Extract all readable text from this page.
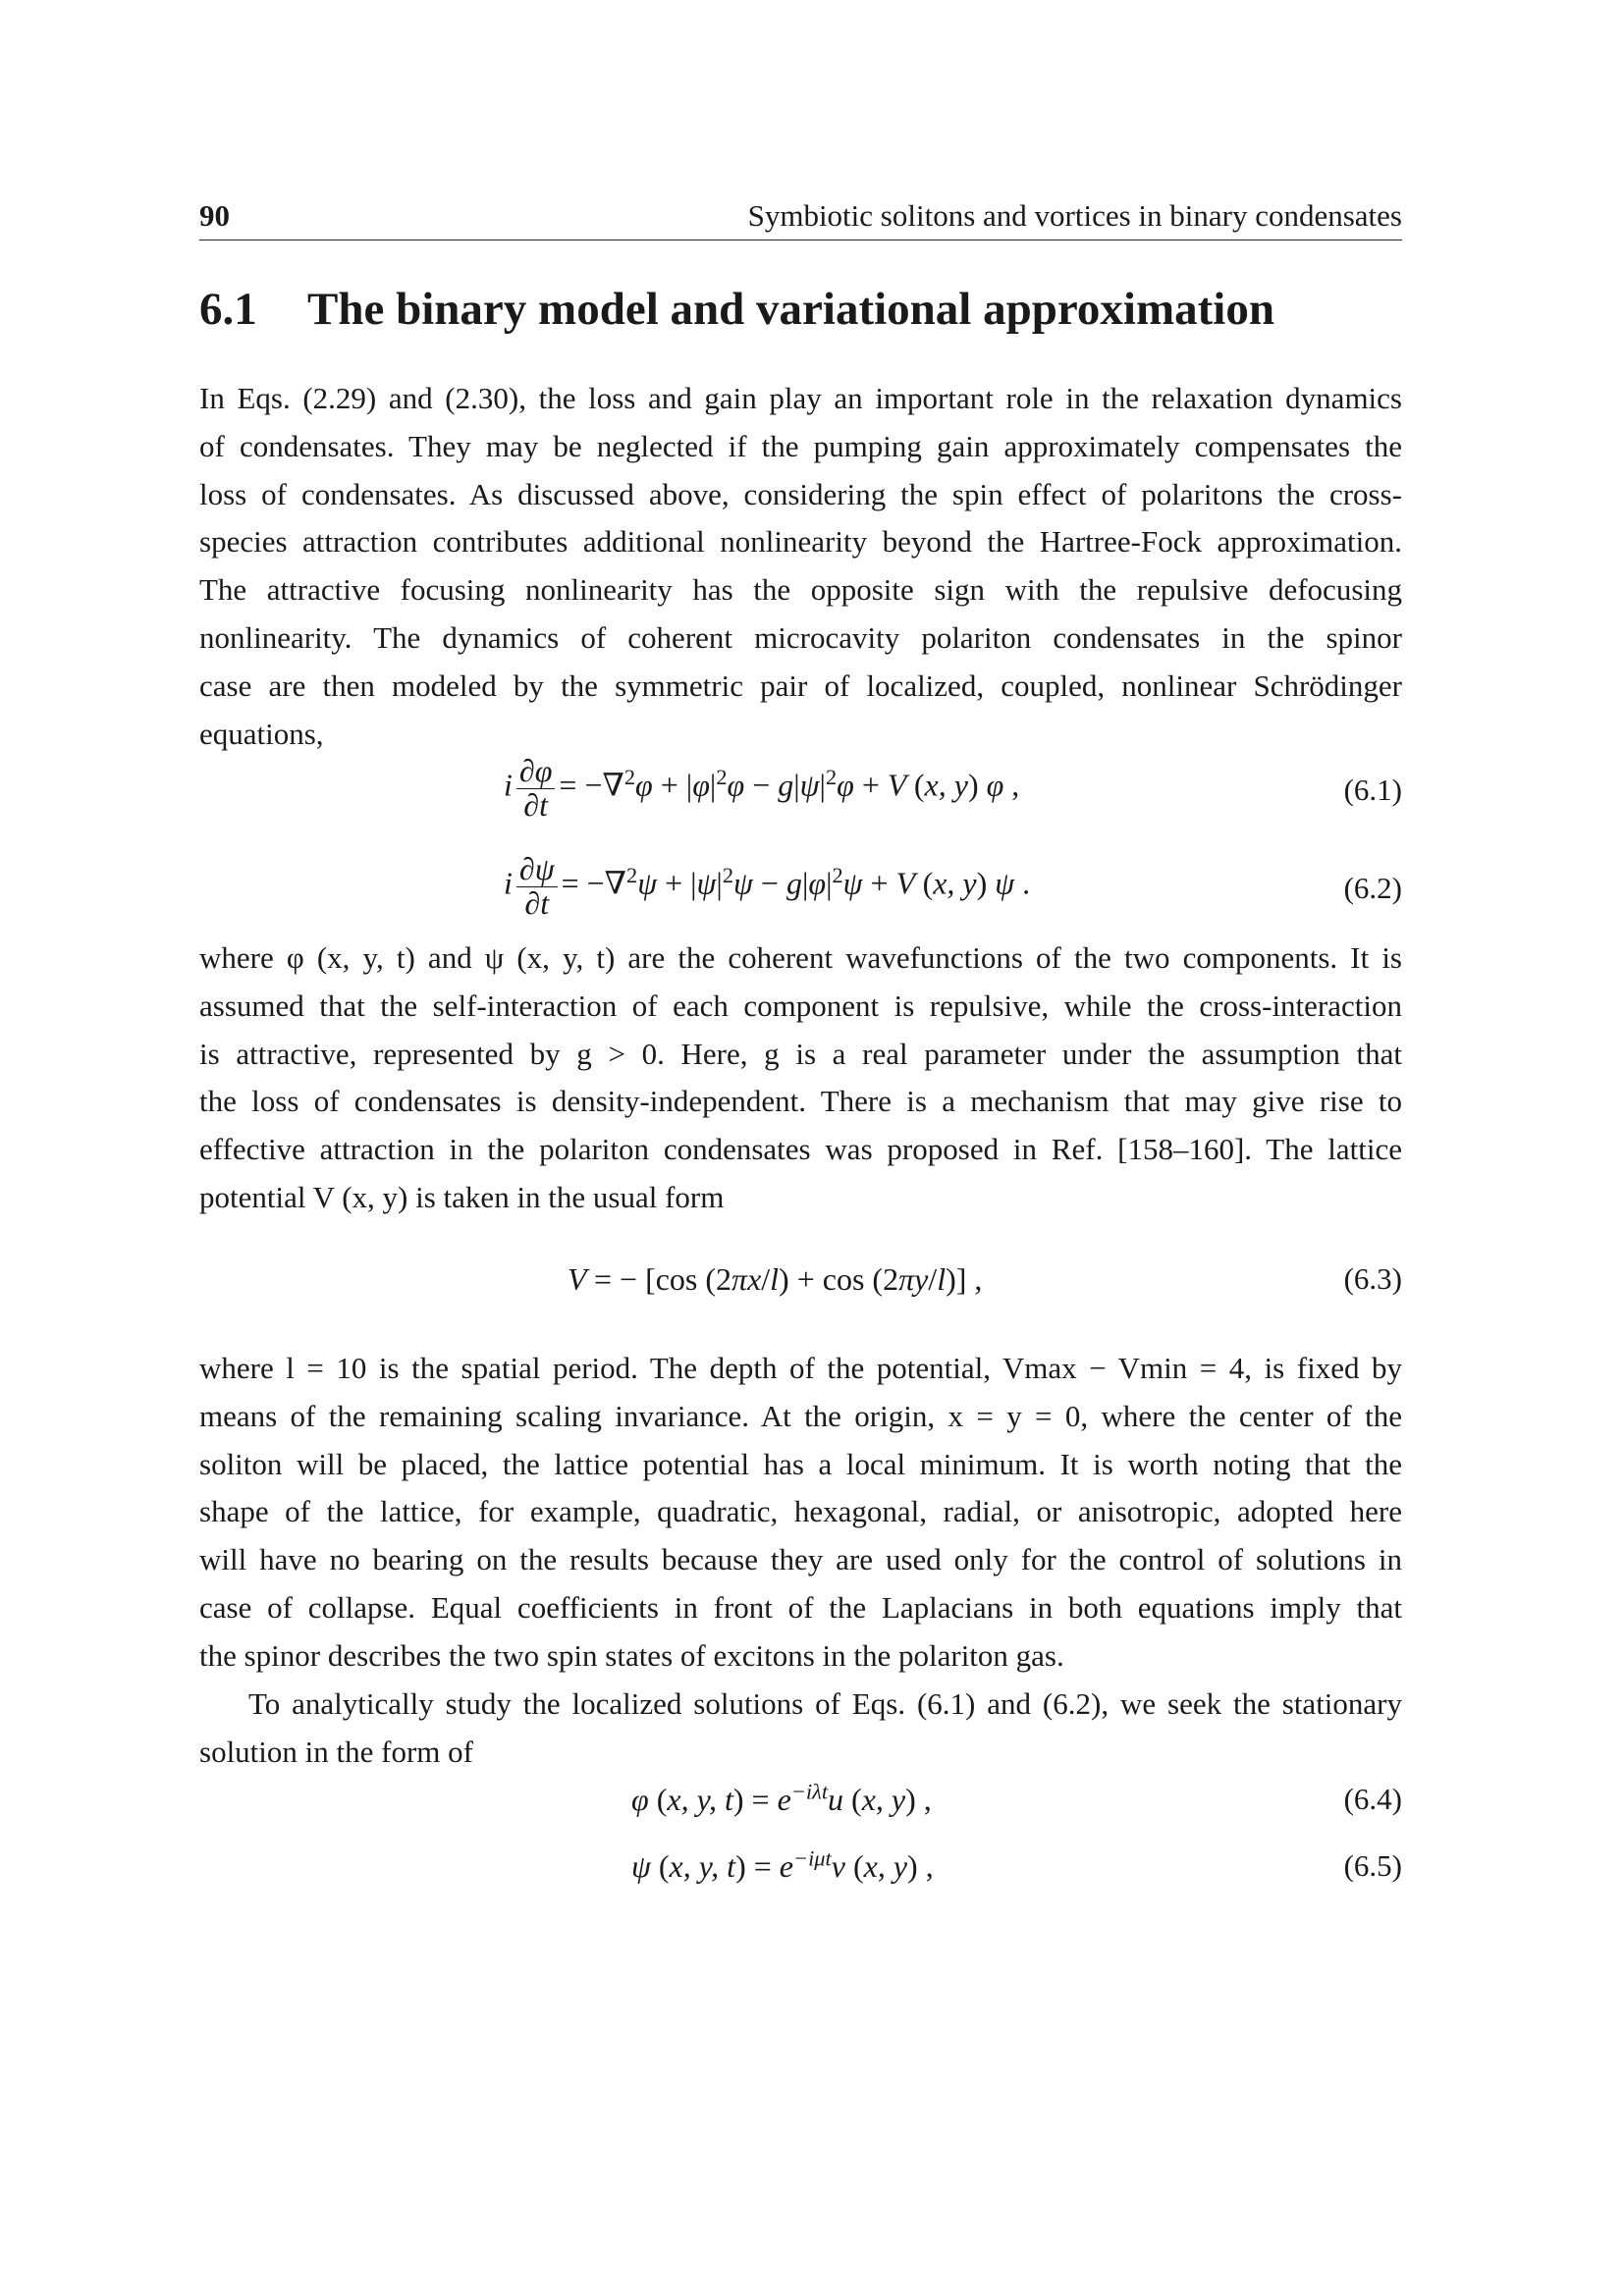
90	Symbiotic solitons and vortices in binary condensates
6.1 The binary model and variational approximation

In Eqs. (2.29) and (2.30), the loss and gain play an important role in the relaxation dynamics
of condensates. They may be neglected if the pumping gain approximately compensates the
loss of condensates. As discussed above, considering the spin effect of polaritons the cross-
species attraction contributes additional nonlinearity beyond the Hartree-Fock approximation.
The attractive focusing nonlinearity has the opposite sign with the repulsive defocusing
nonlinearity. The dynamics of coherent microcavity polariton condensates in the spinor
case are then modeled by the symmetric pair of localized, coupled, nonlinear Schrödinger
equations,

i $\frac{\partial\varphi}{\partial t} = -\nabla^2\varphi + |\varphi|^2\varphi - g|\psi|^2\varphi + V$ (x, y) φ ,	(6.1)
i $\frac{\partial\psi}{\partial t} = -\nabla^2\psi + |\psi|^2\psi - g|\varphi|^2\psi + V$ (x, y) ψ .	(6.2)

where φ (x, y, t) and ψ (x, y, t) are the coherent wavefunctions of the two components. It is
assumed that the self-interaction of each component is repulsive, while the cross-interaction
is attractive, represented by g > 0. Here, g is a real parameter under the assumption that
the loss of condensates is density-independent. There is a mechanism that may give rise to
effective attraction in the polariton condensates was proposed in Ref. [158–160]. The lattice
potential V (x, y) is taken in the usual form

V = − [cos (2πx/l) + cos (2πy/l)] ,	(6.3)

where l = 10 is the spatial period. The depth of the potential, Vmax − Vmin = 4, is fixed by
means of the remaining scaling invariance. At the origin, x = y = 0, where the center of the
soliton will be placed, the lattice potential has a local minimum. It is worth noting that the
shape of the lattice, for example, quadratic, hexagonal, radial, or anisotropic, adopted here
will have no bearing on the results because they are used only for the control of solutions in
case of collapse. Equal coefficients in front of the Laplacians in both equations imply that
the spinor describes the two spin states of excitons in the polariton gas.

To analytically study the localized solutions of Eqs. (6.1) and (6.2), we seek the stationary
solution in the form of

φ (x, y, $t) = e^{-i\lambda t}u$ (x, y) ,	(6.4)
ψ (x, y, $t) = e^{-i\mu t}v$ (x, y) ,	(6.5)
